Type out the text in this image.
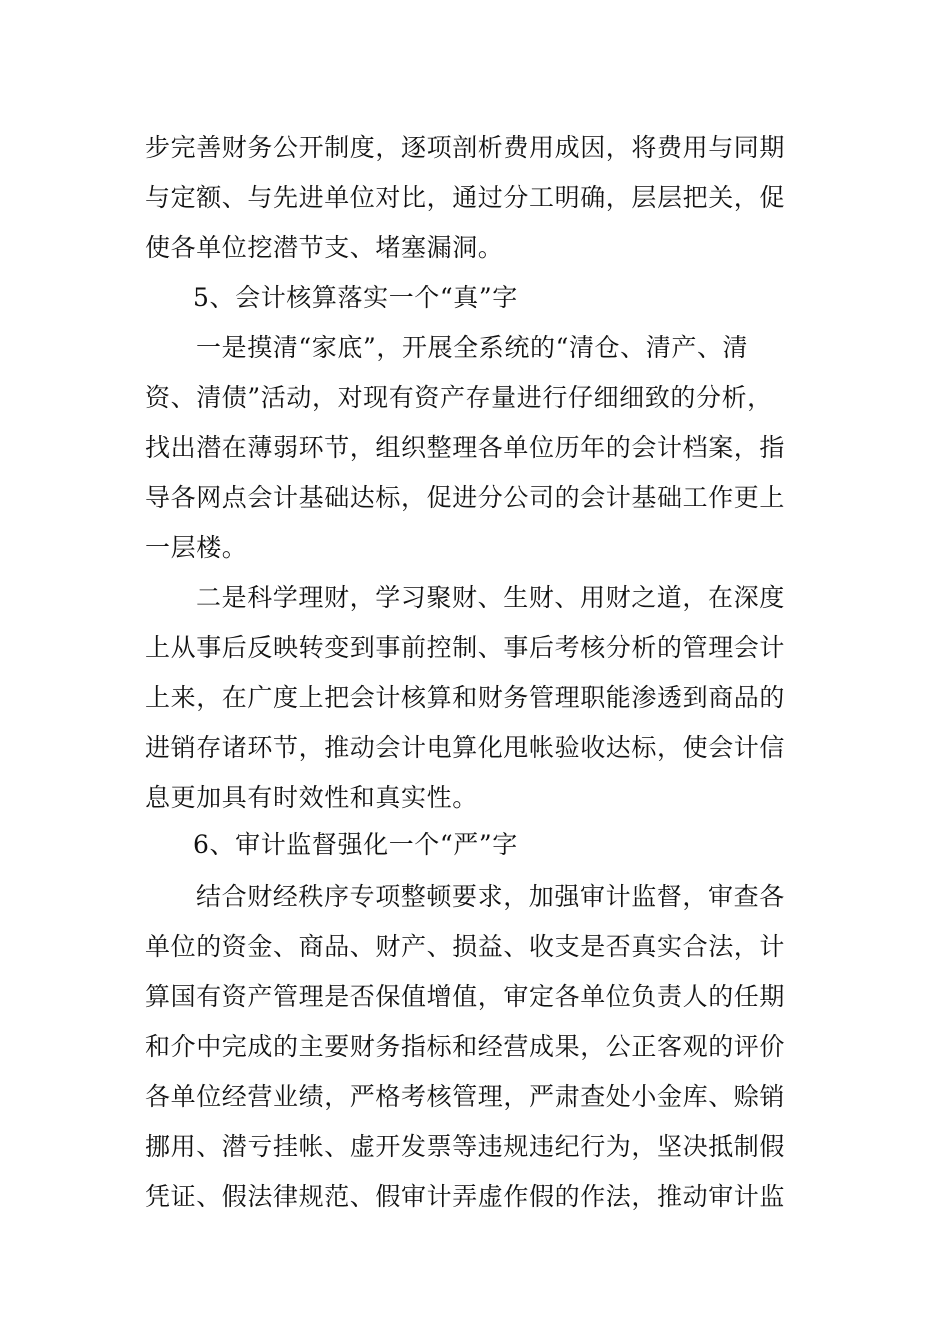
步完善财务公开制度，逐项剖析费用成因，将费用与同期
与定额、与先进单位对比，通过分工明确，层层把关，促
使各单位挖潜节支、堵塞漏洞。
5、会计核算落实一个“真”字
一是摸清“家底”，开展全系统的“清仓、清产、清
资、清债”活动，对现有资产存量进行仔细细致的分析，
找出潜在薄弱环节，组织整理各单位历年的会计档案，指
导各网点会计基础达标，促进分公司的会计基础工作更上
一层楼。
二是科学理财，学习聚财、生财、用财之道，在深度
上从事后反映转变到事前控制、事后考核分析的管理会计
上来，在广度上把会计核算和财务管理职能渗透到商品的
进销存诸环节，推动会计电算化甩帐验收达标，使会计信
息更加具有时效性和真实性。
6、审计监督强化一个“严”字
结合财经秩序专项整顿要求，加强审计监督，审查各
单位的资金、商品、财产、损益、收支是否真实合法，计
算国有资产管理是否保值增值，审定各单位负责人的任期
和介中完成的主要财务指标和经营成果，公正客观的评价
各单位经营业绩，严格考核管理，严肃查处小金库、赊销
挪用、潜亏挂帐、虚开发票等违规违纪行为，坚决抵制假
凭证、假法律规范、假审计弄虚作假的作法，推动审计监
